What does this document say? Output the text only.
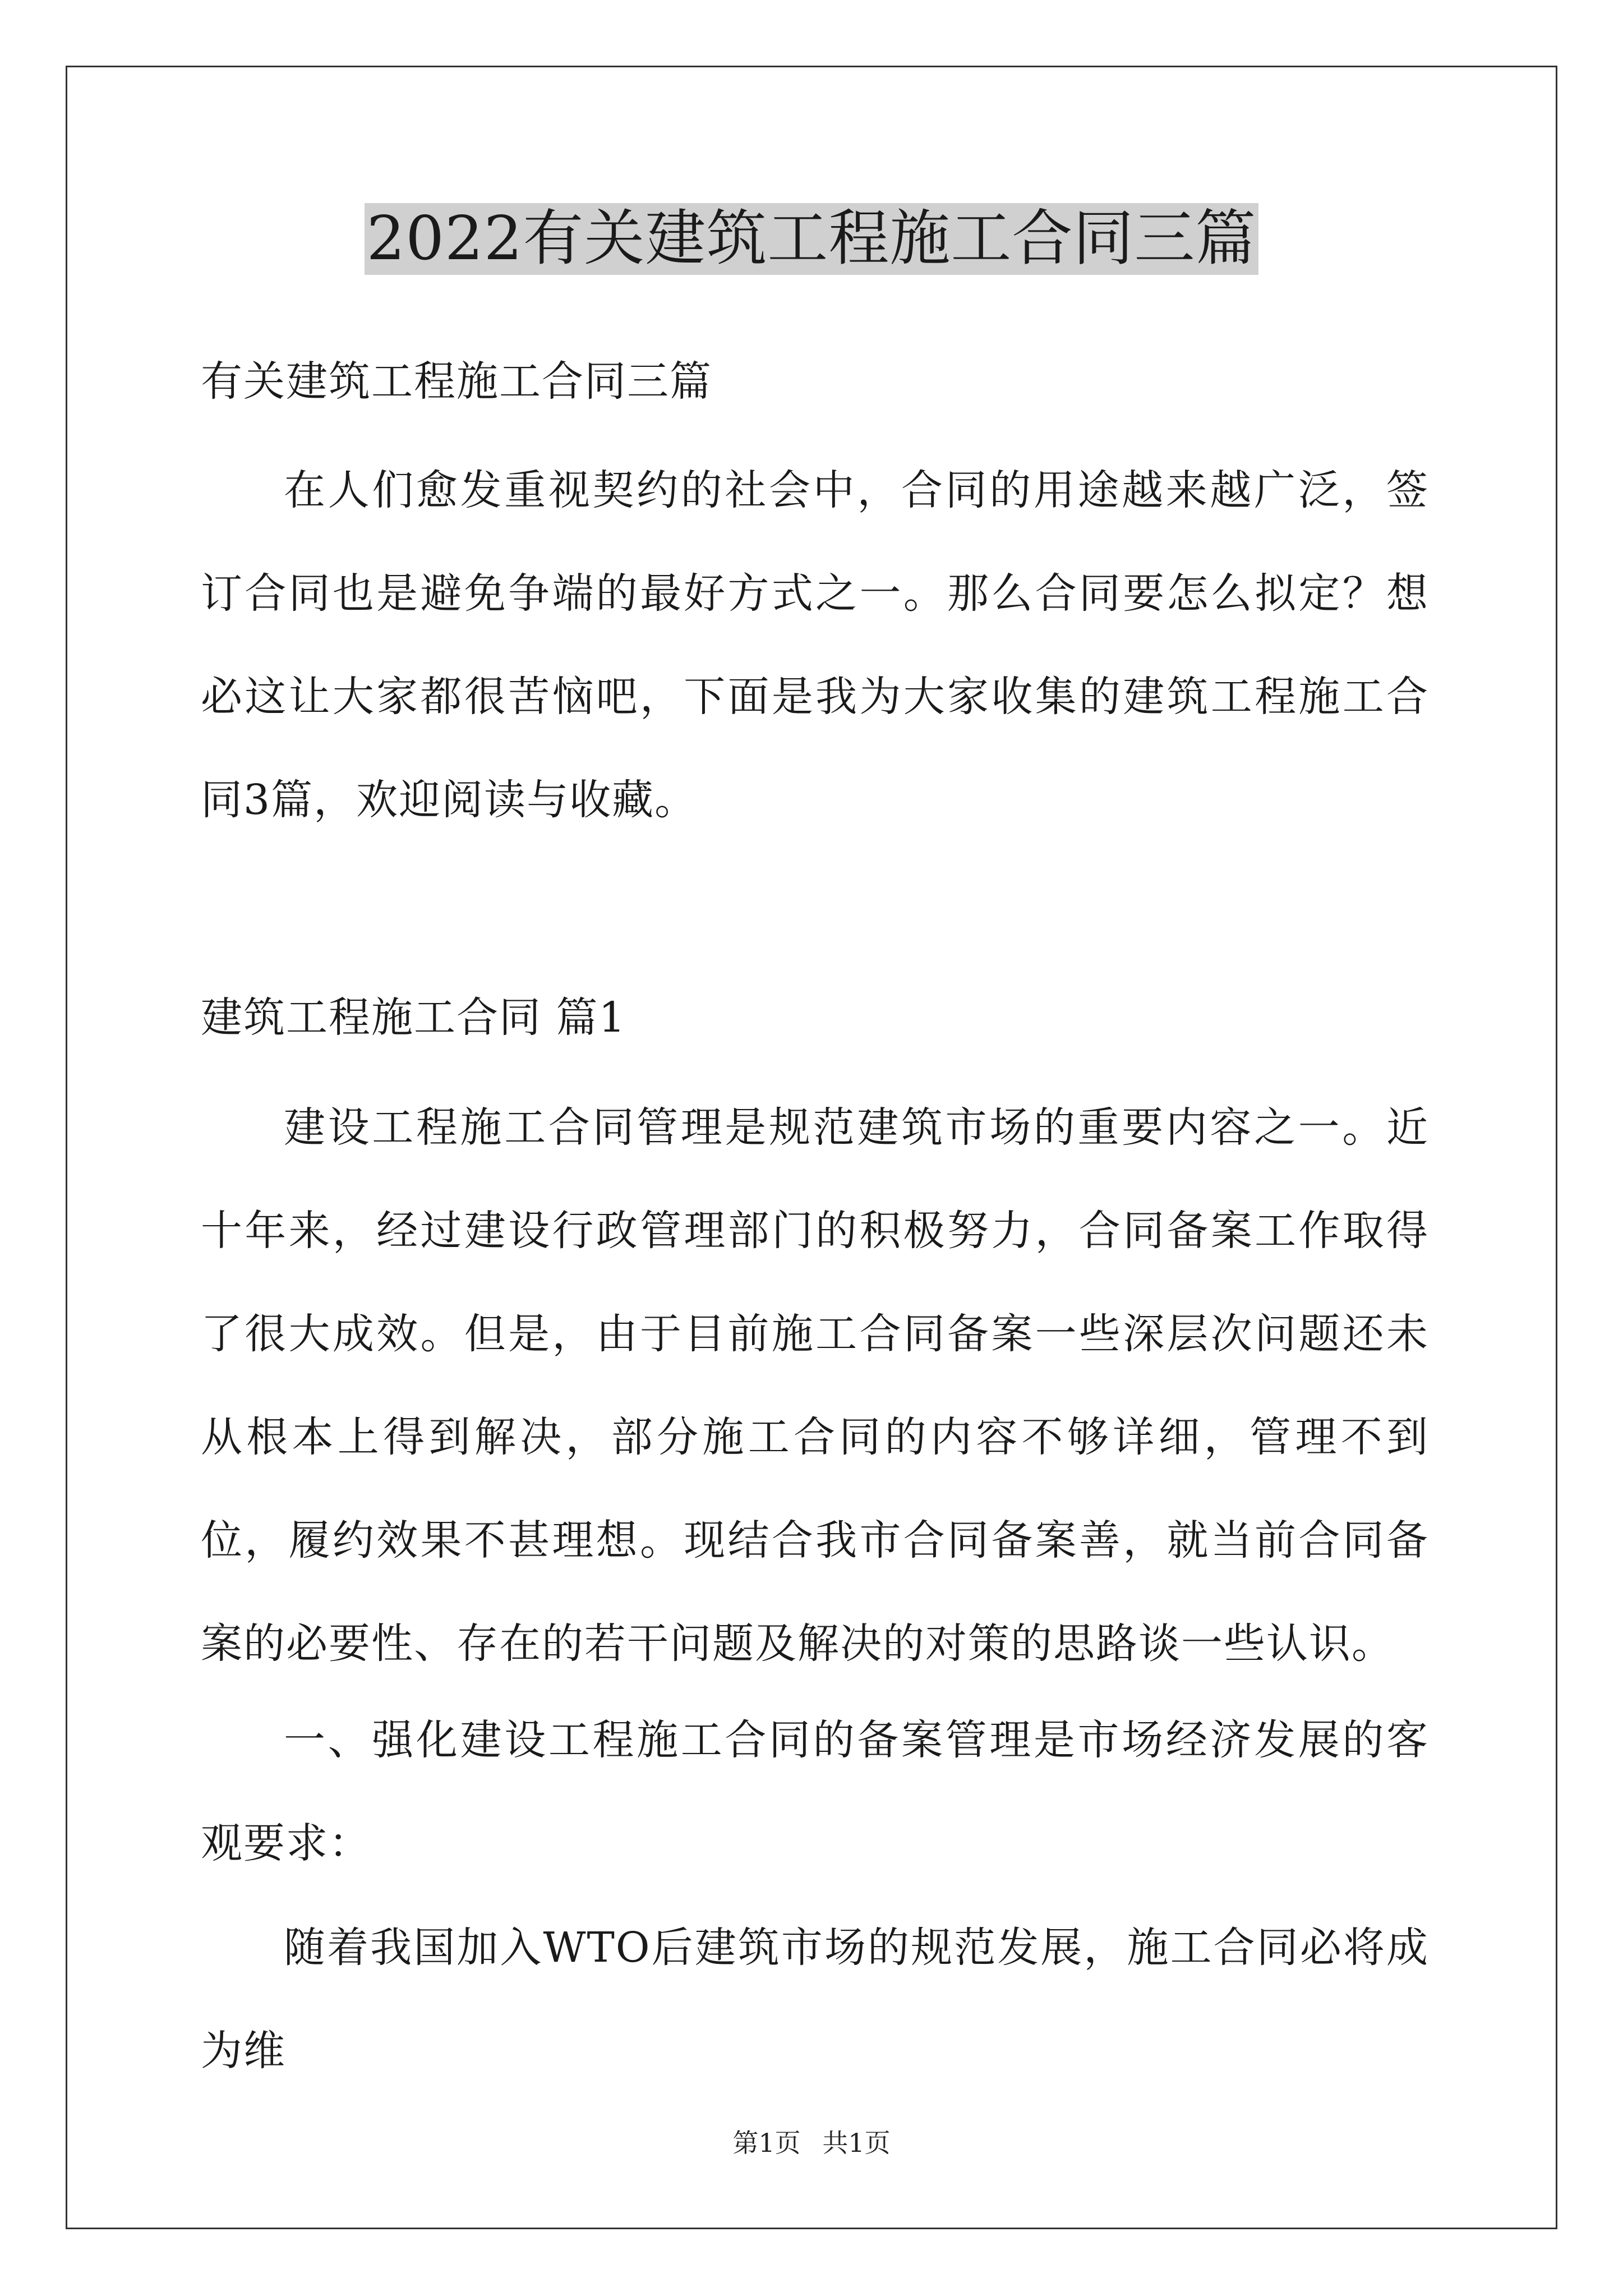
2022有关建筑工程施工合同三篇
有关建筑工程施工合同三篇
在人们愈发重视契约的社会中，合同的用途越来越广泛，签订合同也是避免争端的最好方式之一。那么合同要怎么拟定？想必这让大家都很苦恼吧，下面是我为大家收集的建筑工程施工合同3篇，欢迎阅读与收藏。
建筑工程施工合同 篇1
建设工程施工合同管理是规范建筑市场的重要内容之一。近十年来，经过建设行政管理部门的积极努力，合同备案工作取得了很大成效。但是，由于目前施工合同备案一些深层次问题还未从根本上得到解决，部分施工合同的内容不够详细，管理不到位，履约效果不甚理想。现结合我市合同备案善，就当前合同备案的必要性、存在的若干问题及解决的对策的思路谈一些认识。
一、强化建设工程施工合同的备案管理是市场经济发展的客观要求：
随着我国加入WTO后建筑市场的规范发展，施工合同必将成为维
第1页 共1页
